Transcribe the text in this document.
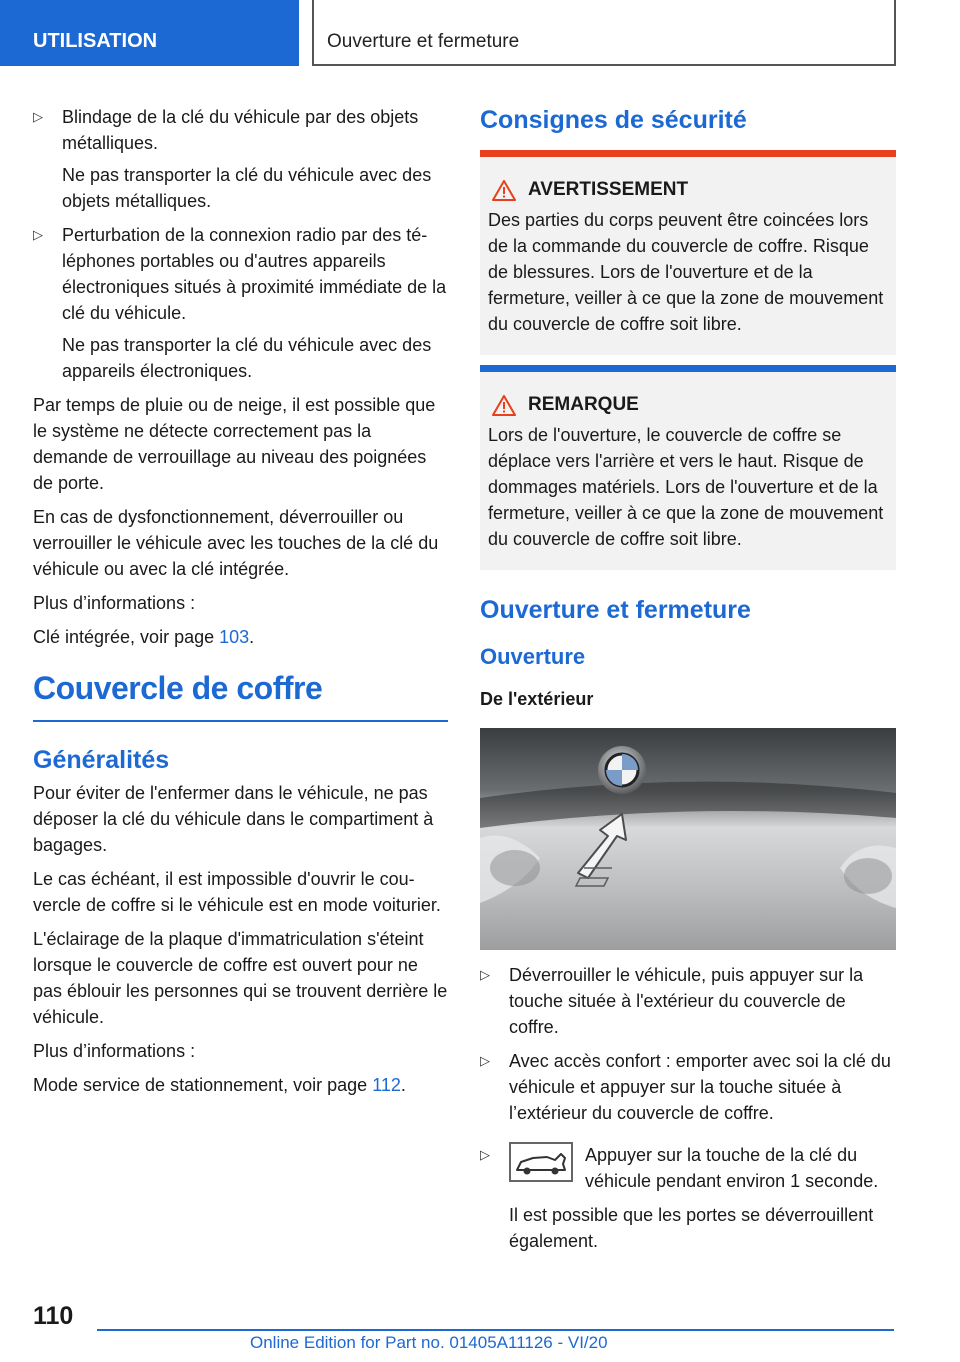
UTILISATION	Ouverture et fermeture
▷ Blindage de la clé du véhicule par des objets métalliques.

Ne pas transporter la clé du véhicule avec des objets métalliques.

▷ Perturbation de la connexion radio par des téléphones portables ou d'autres appareils électroniques situés à proximité immédiate de la clé du véhicule.

Ne pas transporter la clé du véhicule avec des appareils électroniques.

Par temps de pluie ou de neige, il est possible que le système ne détecte correctement pas la demande de verrouillage au niveau des poignées de porte.

En cas de dysfonctionnement, déverrouiller ou verrouiller le véhicule avec les touches de la clé du véhicule ou avec la clé intégrée.

Plus d’informations :

Clé intégrée, voir page 103.

Couvercle de coffre
Généralités

Pour éviter de l'enfermer dans le véhicule, ne pas déposer la clé du véhicule dans le compartiment à bagages.

Le cas échéant, il est impossible d'ouvrir le couvercle de coffre si le véhicule est en mode voiturier.

L'éclairage de la plaque d'immatriculation s'éteint lorsque le couvercle de coffre est ouvert pour ne pas éblouir les personnes qui se trouvent derrière le véhicule.

Plus d’informations :

Mode service de stationnement, voir page 112.

Consignes de sécurité
AVERTISSEMENT

Des parties du corps peuvent être coincées lors de la commande du couvercle de coffre. Risque de blessures. Lors de l'ouverture et de la fermeture, veiller à ce que la zone de mouvement du couvercle de coffre soit libre.

REMARQUE

Lors de l'ouverture, le couvercle de coffre se déplace vers l'arrière et vers le haut. Risque de dommages matériels. Lors de l'ouverture et de la fermeture, veiller à ce que la zone de mouvement du couvercle de coffre soit libre.

Ouverture et fermeture
Ouverture
De l'extérieur
▷ Déverrouiller le véhicule, puis appuyer sur la touche située à l'extérieur du couvercle de coffre.

▷ Avec accès confort : emporter avec soi la clé du véhicule et appuyer sur la touche située à l’extérieur du couvercle de coffre.

▷	Appuyer sur la touche de la clé du véhicule pendant environ 1 seconde.

Il est possible que les portes se déverrouillent également.

110
Online Edition for Part no. 01405A11126 - VI/20
